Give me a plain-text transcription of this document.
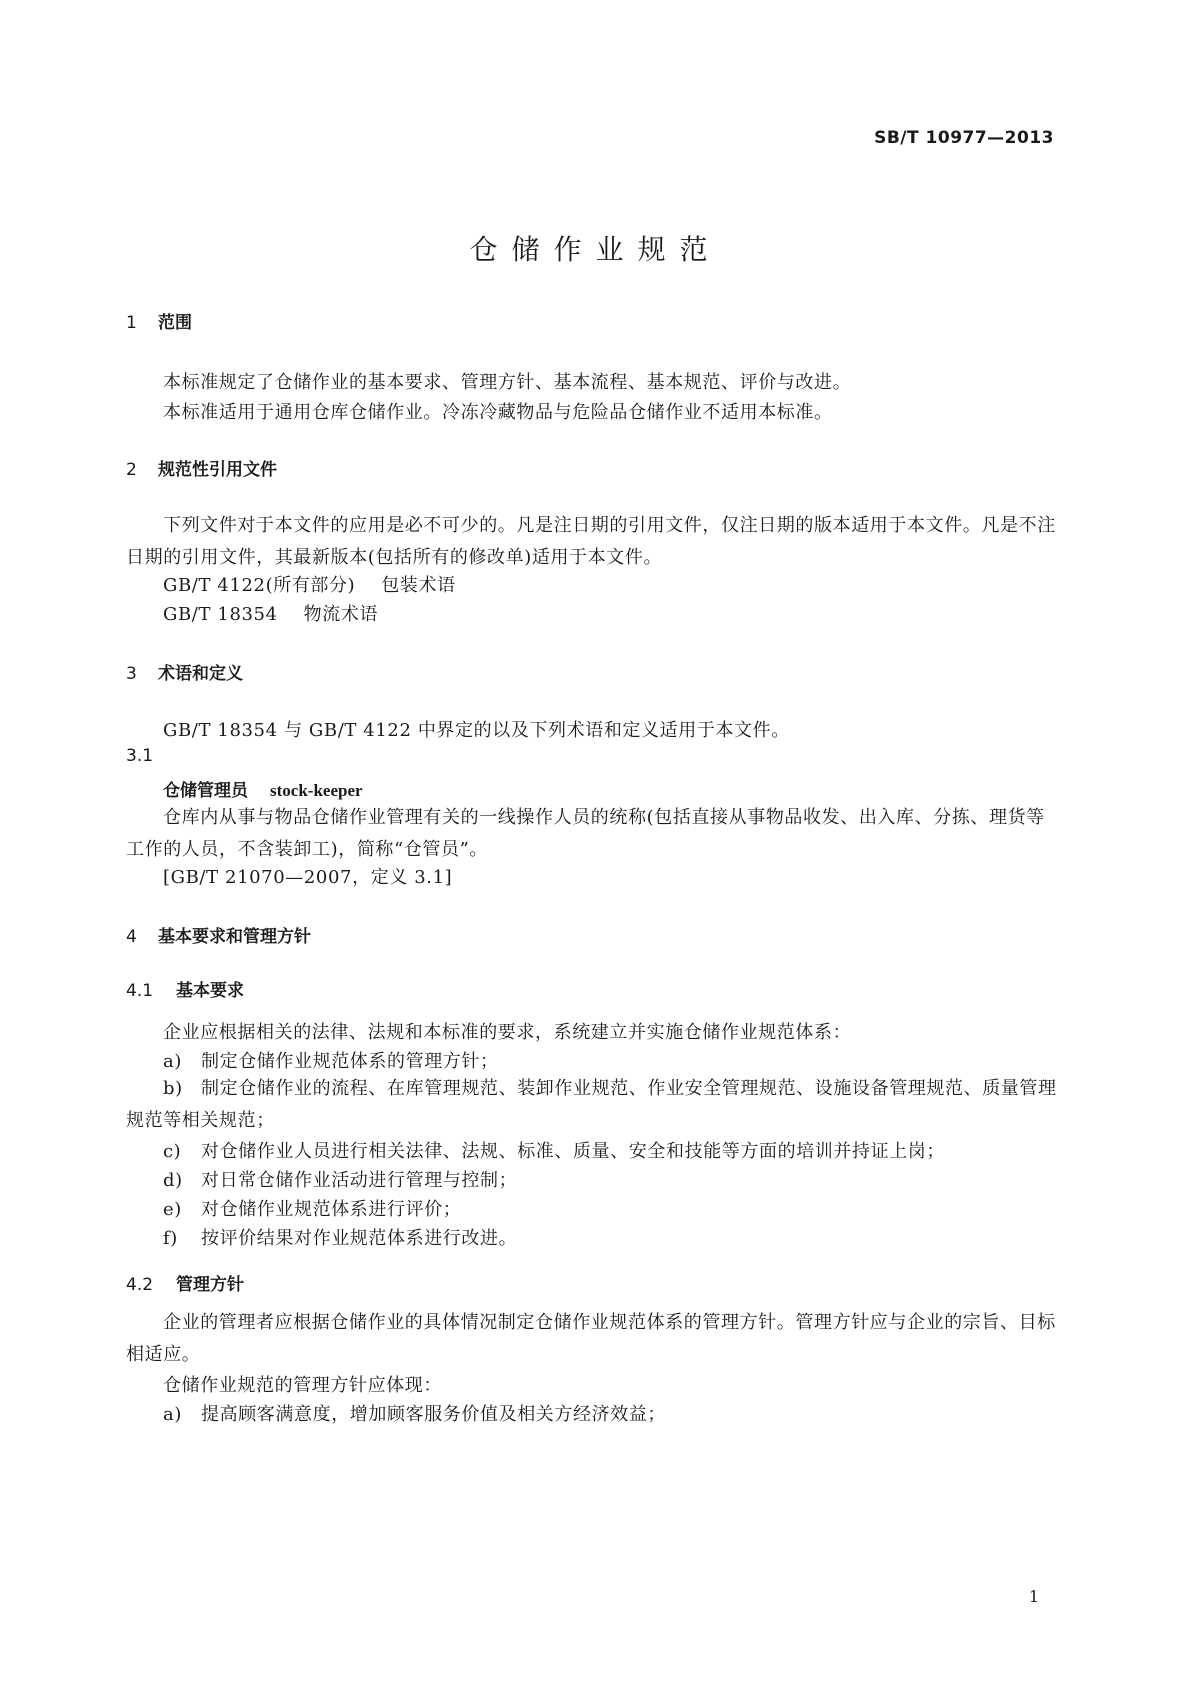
SB/T 10977—2013
仓储作业规范
1 范围
本标准规定了仓储作业的基本要求、管理方针、基本流程、基本规范、评价与改进。
本标准适用于通用仓库仓储作业。冷冻冷藏物品与危险品仓储作业不适用本标准。
2 规范性引用文件
下列文件对于本文件的应用是必不可少的。凡是注日期的引用文件，仅注日期的版本适用于本文件。凡是不注日期的引用文件，其最新版本(包括所有的修改单)适用于本文件。
GB/T 4122(所有部分) 包装术语
GB/T 18354 物流术语
3 术语和定义
GB/T 18354 与 GB/T 4122 中界定的以及下列术语和定义适用于本文件。
3.1
仓储管理员 stock-keeper
仓库内从事与物品仓储作业管理有关的一线操作人员的统称(包括直接从事物品收发、出入库、分拣、理货等工作的人员，不含装卸工)，简称“仓管员”。
[GB/T 21070—2007，定义 3.1]
4 基本要求和管理方针
4.1 基本要求
企业应根据相关的法律、法规和本标准的要求，系统建立并实施仓储作业规范体系：
a) 制定仓储作业规范体系的管理方针；
b) 制定仓储作业的流程、在库管理规范、装卸作业规范、作业安全管理规范、设施设备管理规范、质量管理规范等相关规范；
c) 对仓储作业人员进行相关法律、法规、标准、质量、安全和技能等方面的培训并持证上岗；
d) 对日常仓储作业活动进行管理与控制；
e) 对仓储作业规范体系进行评价；
f) 按评价结果对作业规范体系进行改进。
4.2 管理方针
企业的管理者应根据仓储作业的具体情况制定仓储作业规范体系的管理方针。管理方针应与企业的宗旨、目标相适应。
仓储作业规范的管理方针应体现：
a) 提高顾客满意度，增加顾客服务价值及相关方经济效益；
1
